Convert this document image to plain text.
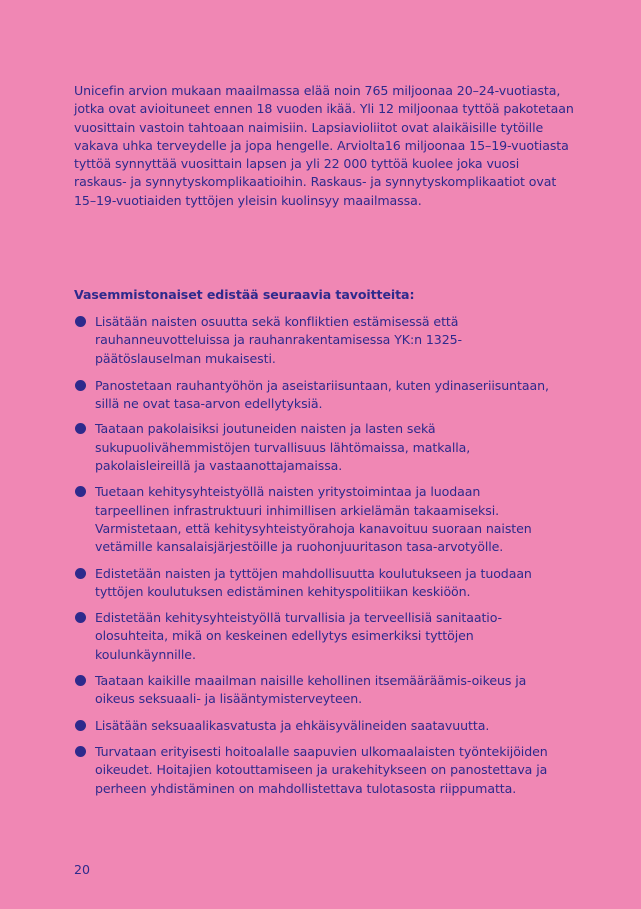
Unicefin arvion mukaan maailmassa elää noin 765 miljoonaa 20–24-vuotiasta, jotka ovat avioituneet ennen 18 vuoden ikää. Yli 12 miljoonaa tyttöä pakotetaan vuosittain vastoin tahtoaan naimisiin. Lapsiavioliitot ovat alaikäisille tytöille vakava uhka terveydelle ja jopa hengelle. Arviolta16 miljoonaa 15–19-vuotiasta tyttöä synnyttää vuosittain lapsen ja yli 22 000 tyttöä kuolee joka vuosi raskaus- ja synnytyskomplikaatioihin. Raskaus- ja synnytyskomplikaatiot ovat 15–19-vuotiaiden tyttöjen yleisin kuolinsyy maailmassa.

Vasemmistonaiset edistää seuraavia tavoitteita:

Lisätään naisten osuutta sekä konfliktien estämisessä että rauhanneuvotteluissa ja rauhanrakentamisessa YK:n 1325-päätöslauselman mukaisesti.
Panostetaan rauhantyöhön ja aseistariisuntaan, kuten ydinaseriisuntaan, sillä ne ovat tasa-arvon edellytyksiä.
Taataan pakolaisiksi joutuneiden naisten ja lasten sekä sukupuolivähemmistöjen turvallisuus lähtömaissa, matkalla, pakolaisleireillä ja vastaanottajamaissa.
Tuetaan kehitysyhteistyöllä naisten yritystoimintaa ja luodaan tarpeellinen infrastruktuuri inhimillisen arkielämän takaamiseksi. Varmistetaan, että kehitysyhteistyörahoja kanavoituu suoraan naisten vetämille kansalaisjärjestöille ja ruohonjuuritason tasa-arvotyölle.
Edistetään naisten ja tyttöjen mahdollisuutta koulutukseen ja tuodaan tyttöjen koulutuksen edistäminen kehityspolitiikan keskiöön.
Edistetään kehitysyhteistyöllä turvallisia ja terveellisiä sanitaatio-olosuhteita, mikä on keskeinen edellytys esimerkiksi tyttöjen koulunkäynnille.
Taataan kaikille maailman naisille kehollinen itsemääräämis-oikeus ja oikeus seksuaali- ja lisääntymisterveyteen.
Lisätään seksuaalikasvatusta ja ehkäisyvälineiden saatavuutta.
Turvataan erityisesti hoitoalalle saapuvien ulkomaalaisten työntekijöiden oikeudet. Hoitajien kotouttamiseen ja urakehitykseen on panostettava ja perheen yhdistäminen on mahdollistettava tulotasosta riippumatta.

20
